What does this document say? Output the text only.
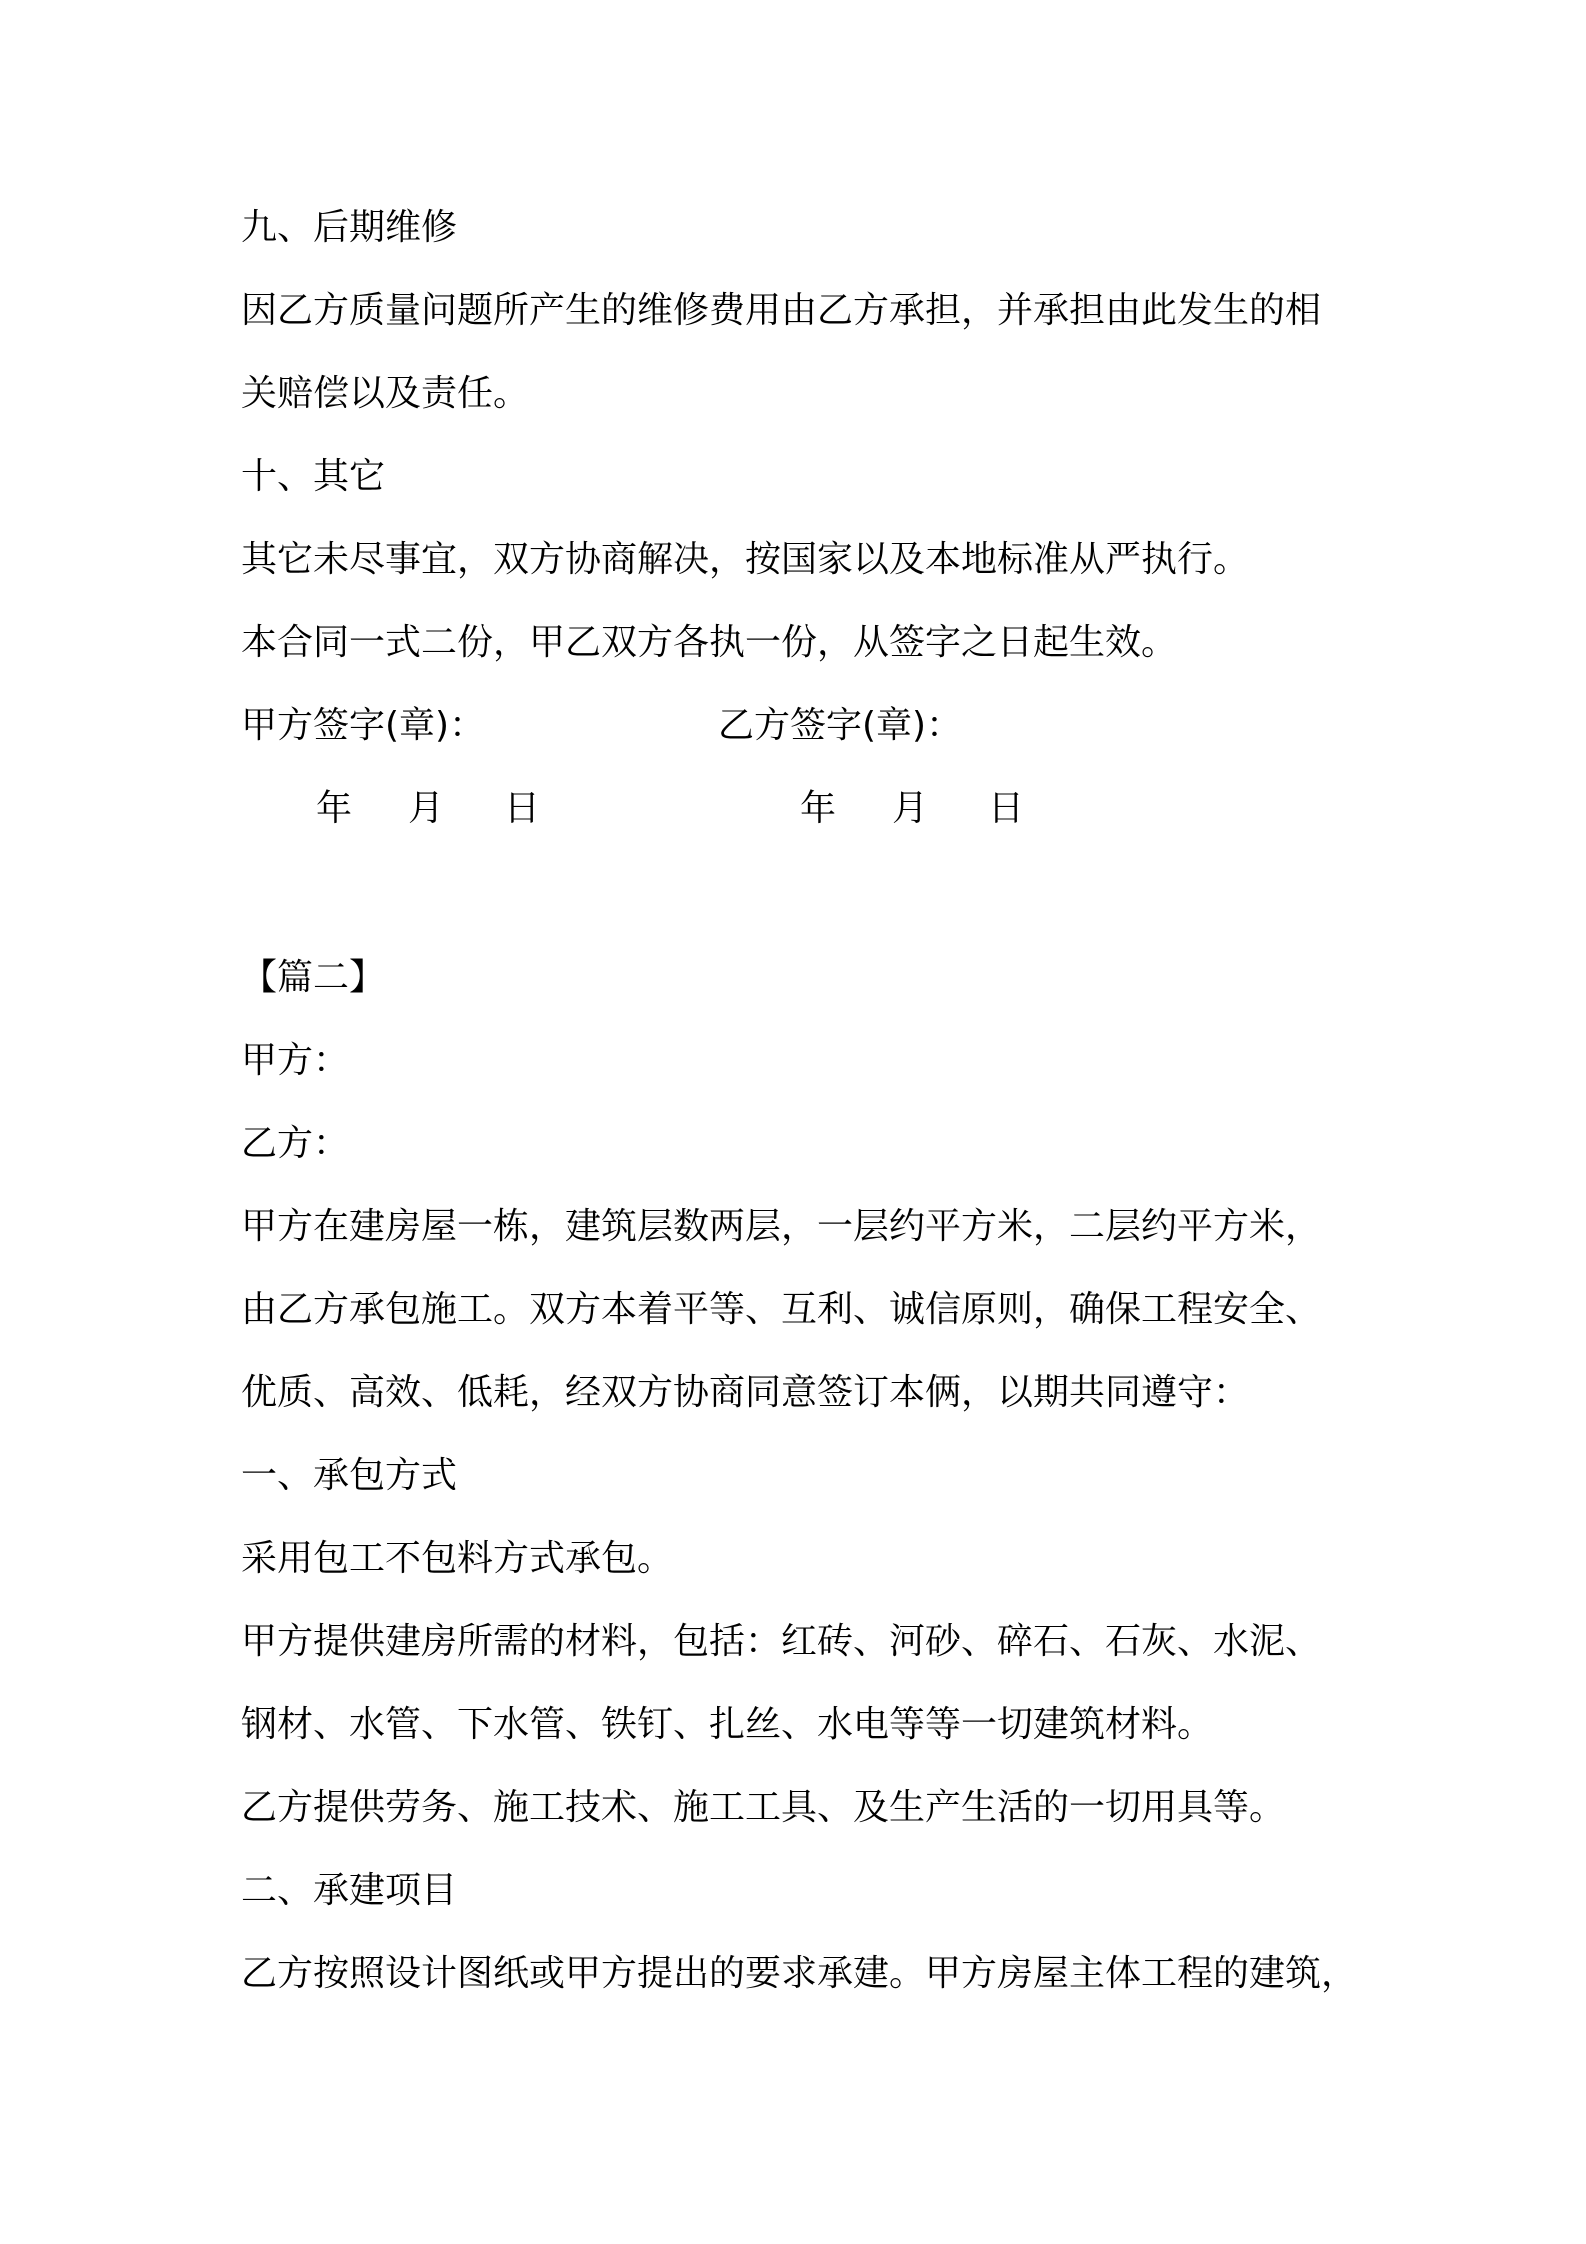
九、后期维修
因乙方质量问题所产生的维修费用由乙方承担，并承担由此发生的相
关赔偿以及责任。
十、其它
其它未尽事宜，双方协商解决，按国家以及本地标准从严执行。
本合同一式二份，甲乙双方各执一份，从签字之日起生效。
甲方签字(章)：	乙方签字(章)：
年 月 日	年 月 日
【篇二】
甲方：
乙方：
甲方在建房屋一栋，建筑层数两层，一层约平方米，二层约平方米，
由乙方承包施工。双方本着平等、互利、诚信原则，确保工程安全、
优质、高效、低耗，经双方协商同意签订本俩，以期共同遵守：
一、承包方式
采用包工不包料方式承包。
甲方提供建房所需的材料，包括：红砖、河砂、碎石、石灰、水泥、
钢材、水管、下水管、铁钉、扎丝、水电等等一切建筑材料。
乙方提供劳务、施工技术、施工工具、及生产生活的一切用具等。
二、承建项目
乙方按照设计图纸或甲方提出的要求承建。甲方房屋主体工程的建筑，
